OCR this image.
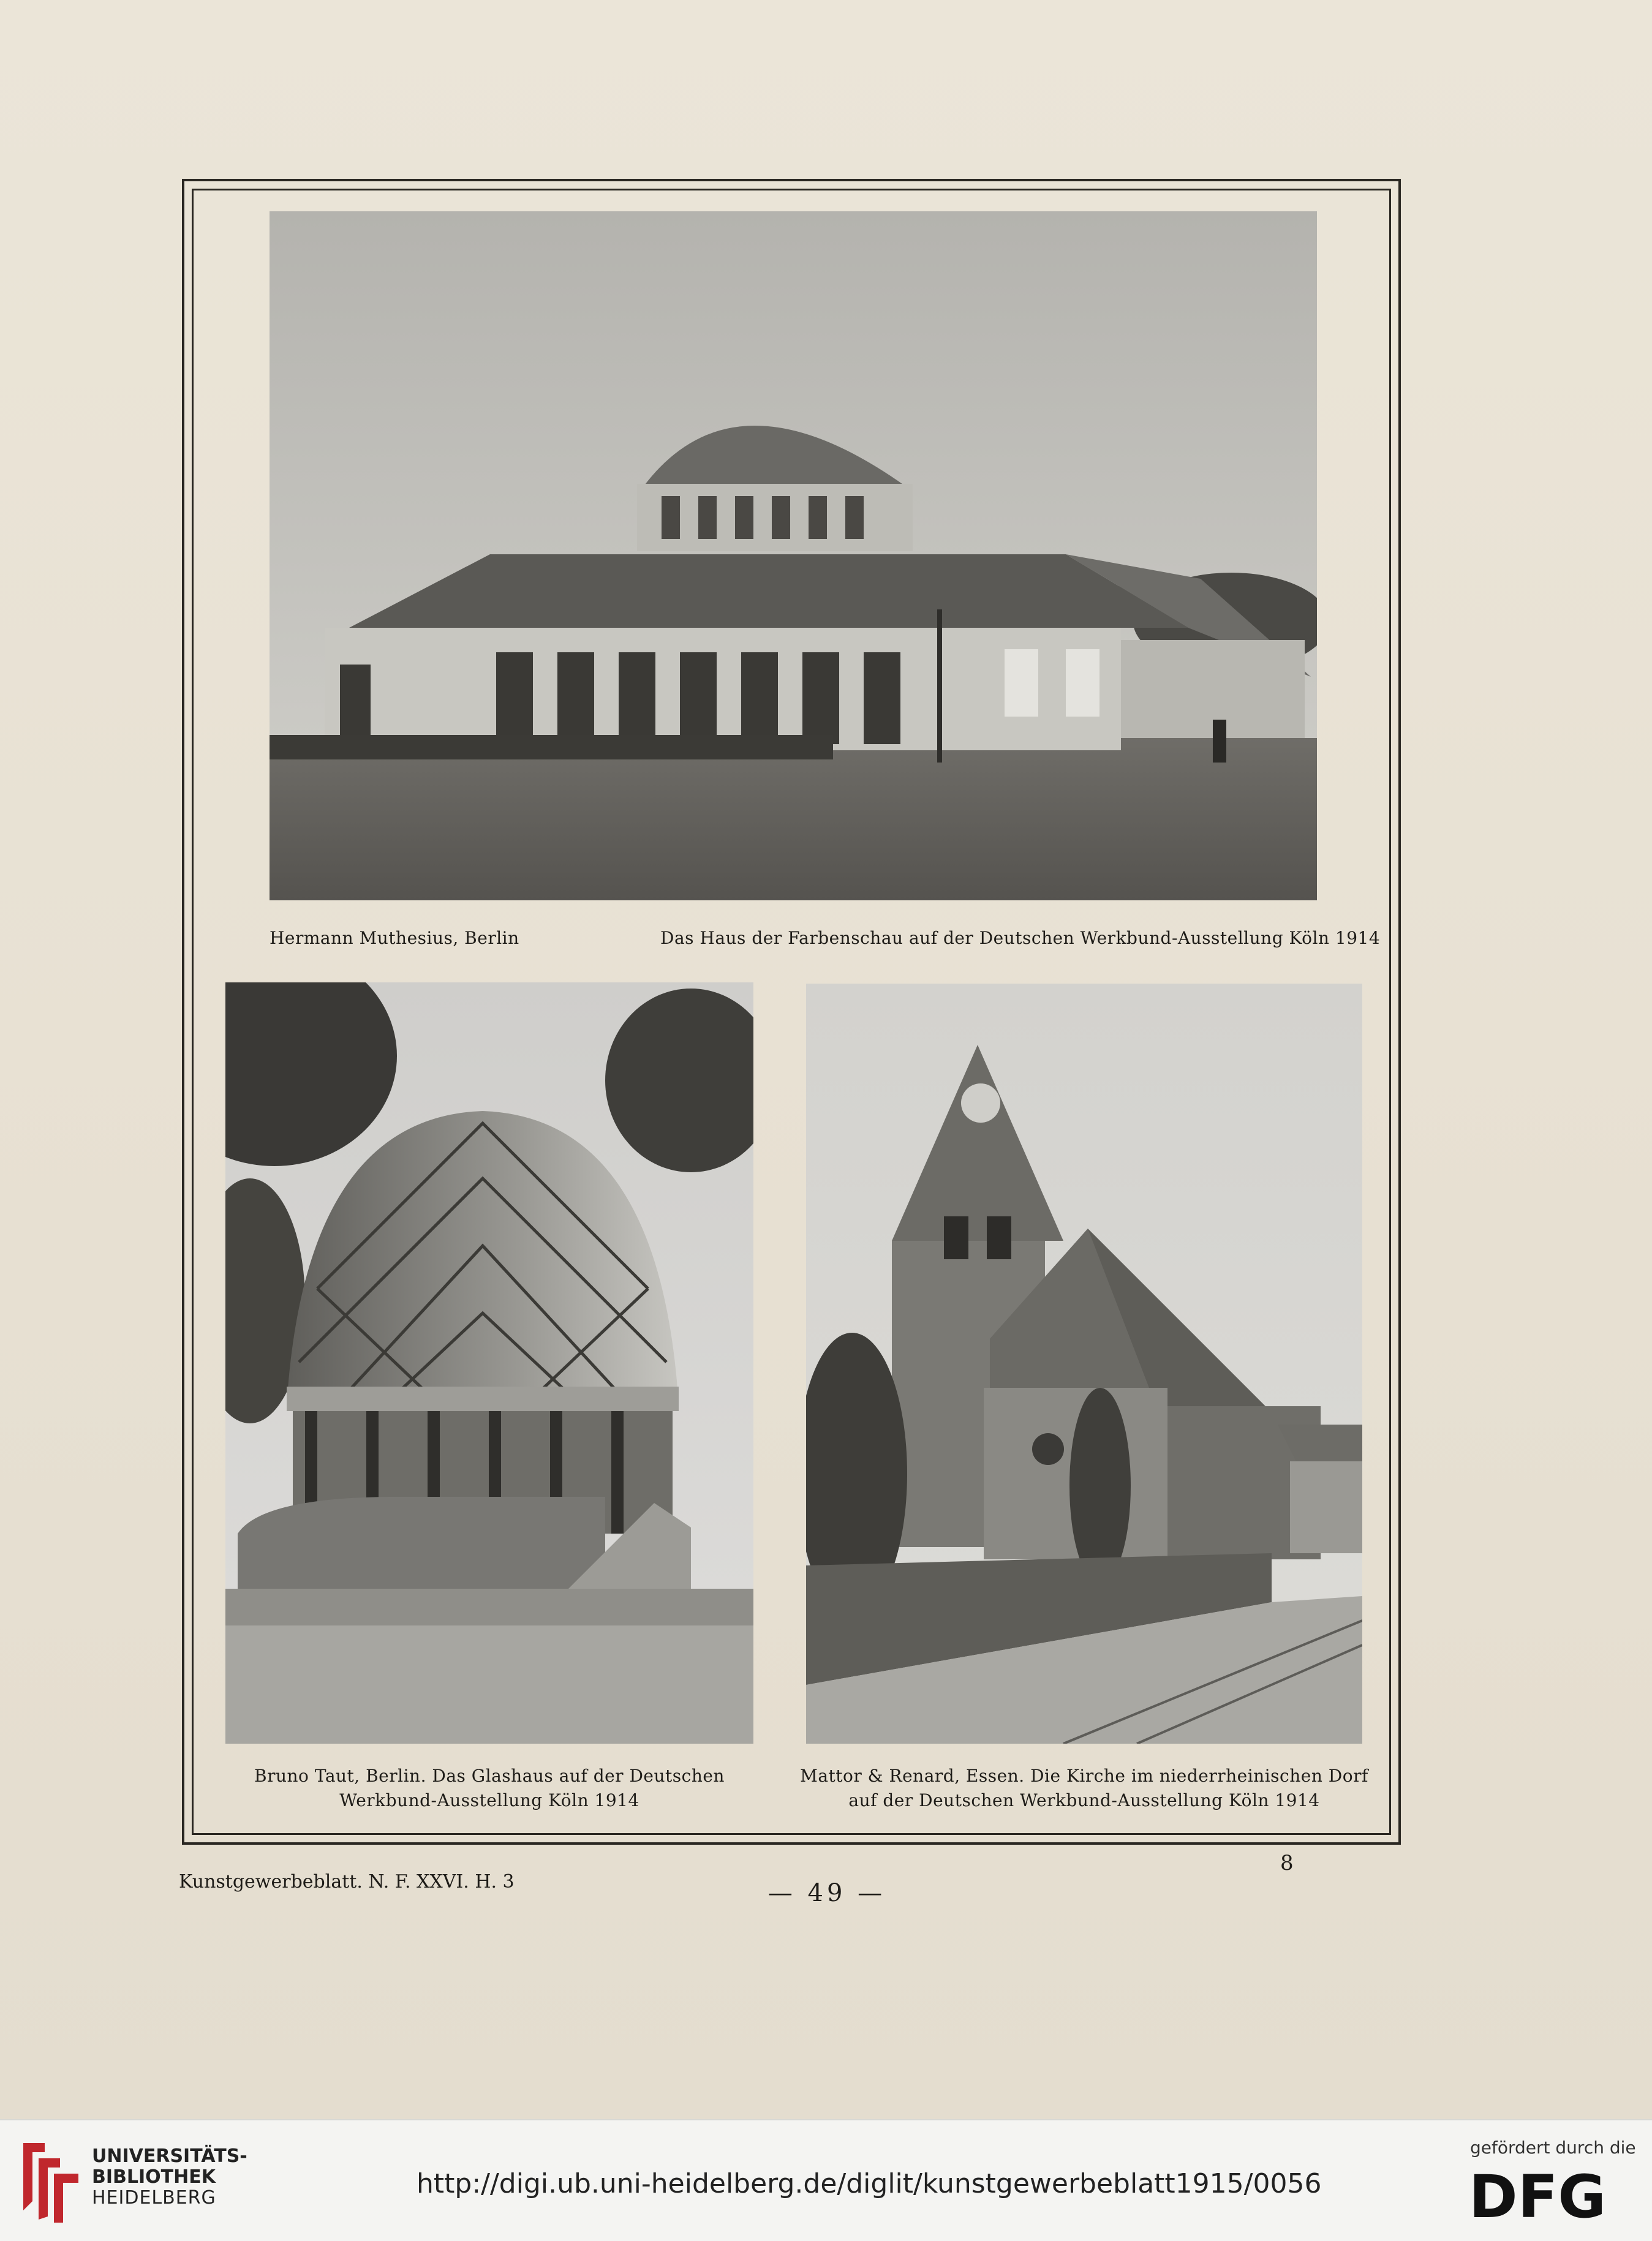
Hermann Muthesius, Berlin	Das Haus der Farbenschau auf der Deutschen Werkbund-Ausstellung Köln 1914
Bruno Taut, Berlin. Das Glashaus auf der Deutschen
Werkbund-Ausstellung Köln 1914
Mattor & Renard, Essen. Die Kirche im niederrheinischen Dorf
auf der Deutschen Werkbund-Ausstellung Köln 1914
Kunstgewerbeblatt. N. F. XXVI. H. 3
8
— 49 —
UNIVERSITÄTS-
BIBLIOTHEK
HEIDELBERG	http://digi.ub.uni-heidelberg.de/diglit/kunstgewerbeblatt1915/0056
gefördert durch die
DFG
